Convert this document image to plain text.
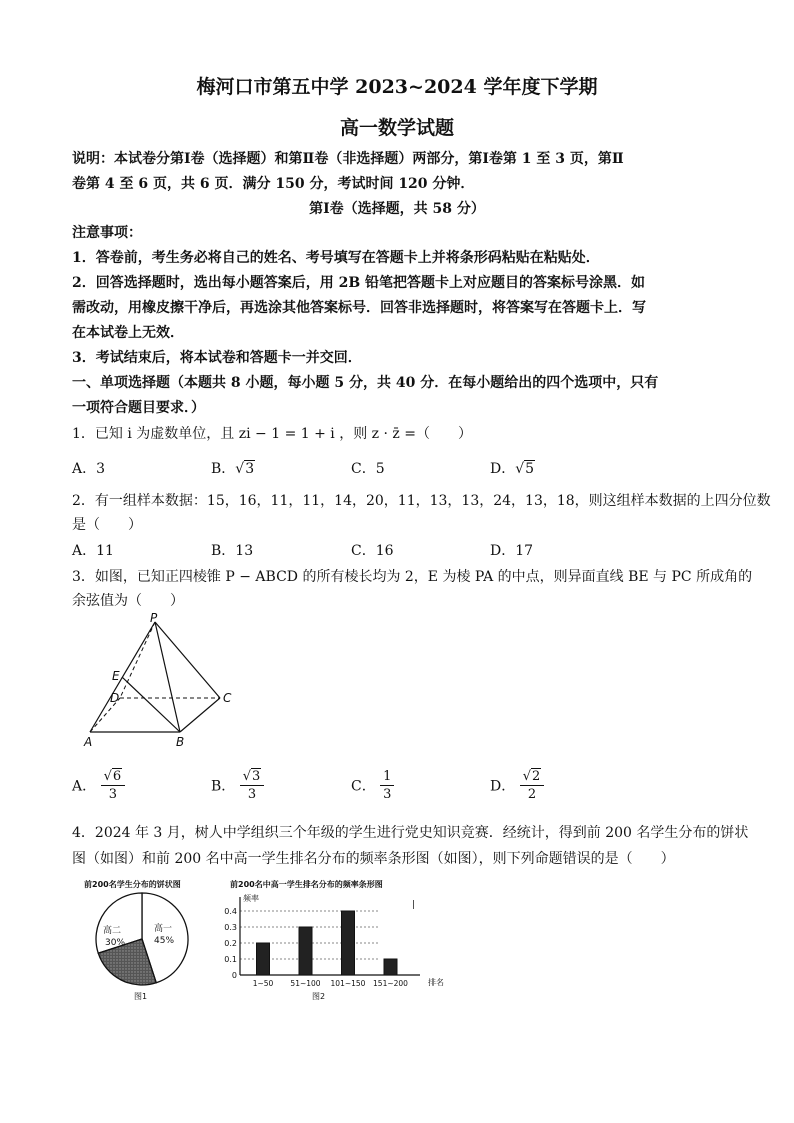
梅河口市第五中学 2023~2024 学年度下学期
高一数学试题
说明：本试卷分第Ⅰ卷（选择题）和第Ⅱ卷（非选择题）两部分，第Ⅰ卷第 1 至 3 页，第Ⅱ
卷第 4 至 6 页，共 6 页．满分 150 分，考试时间 120 分钟．
第Ⅰ卷（选择题，共 58 分）
注意事项：
1．答卷前，考生务必将自己的姓名、考号填写在答题卡上并将条形码粘贴在粘贴处．
2．回答选择题时，选出每小题答案后，用 2B 铅笔把答题卡上对应题目的答案标号涂黑．如
需改动，用橡皮擦干净后，再选涂其他答案标号．回答非选择题时，将答案写在答题卡上．写
在本试卷上无效．
3．考试结束后，将本试卷和答题卡一并交回．
一、单项选择题（本题共 8 小题，每小题 5 分，共 40 分．在每小题给出的四个选项中，只有
一项符合题目要求．）
1．已知 i 为虚数单位，且 zi − 1 = 1 + i ，则 z · z̄ =（　　）
A．3	B．√3	C．5	D．√5
2．有一组样本数据：15，16，11，11，14，20，11，13，13，24，13，18，则这组样本数据的上四分位数
是（　　）
A．11	B．13	C．16	D．17
3．如图，已知正四棱锥 P − ABCD 的所有棱长均为 2，E 为棱 PA 的中点，则异面直线 BE 与 PC 所成角的
余弦值为（　　）
P
E
D	C
A	B
A． $\frac{√6}{3}$	B． $\frac{√3}{3}$	C． $\frac{1}{3}$	D． $\frac{√2}{2}$
4．2024 年 3 月，树人中学组织三个年级的学生进行党史知识竞赛．经统计，得到前 200 名学生分布的饼状
图（如图）和前 200 名中高一学生排名分布的频率条形图（如图），则下列命题错误的是（　　）
前200名学生分布的饼状图
高二
30%
高一
45%
图1
前200名中高一学生排名分布的频率条形图
频率
|
0
0.1
0.2
0.3
0.4
1~50 51~100 101~150 151~200	排名
图2
